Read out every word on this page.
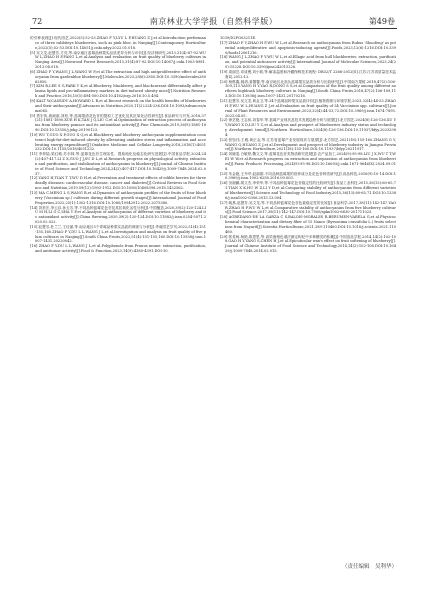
72	南京林业大学学报（自然科学版）	第49卷

的引种表现[J].现代园艺,2022(5):52-53.ZHAO F Y,LYU L F,HUANG Z J,et al.Introduction performance of three rabbiteye blueberries, such as pink blue, in Nanjing[J].Contemporary Horticulture,2022(5):52-53.DOI:10.14051/j.cnki.xdyy.2022.01.018.

[5] 吴文龙,赵慧芳,方亮,等.南京地区蓝莓品种果实品质差异分析与评价[J].经济林研究,2013,31(4):87-92.WU W L,ZHAO H F,FANG L,et al.Analysis and evaluation on fruit quality of blueberry cultivars in Nanjing Area[J].Nonwood Forest Research,2013,31(4):87-92.DOI:10.14067/j.cnki.1003-8981.2013.04.018.

[6] ZHAO F Y,WANG J L,WANG W F,et al.The extraction and high antiproliferative effect of anthocyanin from gardenblue blueberry[J].Molecules,2023,28(6):2850.DOI:10.3390/molecules28062850.

[7] KIM B,LEE S G,PARK Y K,et al.Blueberry, blackberry, and blackcurrant differentially affect plasma lipids and pro-inflammatory markers in diet-induced obesity mice[J].Nutrition Research and Practice,2016,10(5):494-500.DOI:10.4162/nrp.2016.10.5.494.

[8] KALT W,CASSIDY A,HOWARD L R,et al.Recent research on the health benefits of blueberries and their anthocyanins[J].Advances in Nutrition,2020,11(2):224-236.DOI:10.1093/advances/nmz065.

[9] 蔡宏伟,唐淑丽,刘松,等.蓝莓果渣花色苷的提取工艺优化及其抗氧化活性研究[J].食品研究与开发,2016,37(21):1881-1890.XUE H K,TAN J Q,LIU C,et al.Optimization of extraction process of anthocyanins from blueberry pomace and its antioxidant activity[J].Fine Chemicals,2019,36(9):1881-1890.DOI:10.13550/j.jxhg.20190123.

[10] WU T,GUO X F,GUO X Q,et al.Blackberry and blueberry anthocyanin supplementation counteract high-fat-diet-induced obesity by alleviating oxidative stress and inflammation and accelerating energy expenditure[J].Oxidative Medicine and Cellular Longevity,2018,2018(1):4051232.DOI:10.1155/2018/4051232.

[11] 李梓陆,梁红敏,苏东林,等.蓝莓花色苷生理活性、提取纯化及稳态化研究进展[J].中国食品学报,2024,24(2):407-417.LI Z X,GUO J J,SU D L,et al.Research progress on physiological activity, extraction and purification, and stabilization of anthocyanins in blueberry[J].Journal of Chinese Institute of Food Science and Technology,2024,24(2):407-417.DOI:10.16429/j.1009-7848.2024.02.037.

[12] YANG H,TIAN T T,WU D H,et al.Prevention and treatment effects of edible berries for three deadly diseases: cardiovascular disease, cancer and diabetes[J].Critical Reviews in Food Science and Nutrition,2019,59(12):1903-1912.DOI:10.1080/10408398.2018.1432562.

[13] MA C,MENG L S,WANG B,et al.Dynamics of anthocyanin profiles of the fruits of four blueberry (Vaccinium sp.) cultivars during different growth stages[J].International Journal of Food Properties,2022,25(1):1302-1316.DOI:10.1080/10942912.2022.2075380.

[14] 刘美宏,李云存,孙玉芳,等.不同品种蓝莓花色苷及其抗氧化活性分析[J].中国酿造,2020,39(2):120-124.LIU M H,LI G C,SHA Y F,et al.Analysis of anthocyanins of different varieties of blueberry and its antioxidant activity[J].China Brewing,2020,39(2):120-124.DOI:10.11882/j.issn.0254-5071.2020.02.022.

[15] 赵慧芳,杜兰兰,王佳丽,等.南京地区5个青莓品种果实品质的调查与分析[J].华南园艺学刊,2022,51(4):151-155,160.ZHAO F Y,DU L L,WANG J L,et al.Investigation and analysis on fruit quality of five plum cultivars in Nanjing[J].South China Fruits,2022,51(4):151-155,160.DOI:10.13938/j.issn.1007-1431.20220042.

[16] ZHAO F Y,DU L L,WANG J L,et al.Polyphenols from Prunus mume: extraction, purification, and antitumor activity[J].Food & Function,2023,14(9):4380-4391.DOI:10.

1039/D2FO03211E.

[17] ZHAO F Y,ZHAO H F,WU W L,et al.Research on anthocyanins from Rubus 'Shuofeng' as potential antiproliferative and apoptosis-inducing agents[J].Foods,2023,12(6):1216.DOI:10.3390/foods12061216.

[18] WANG J L,ZHAO F Y,WU W L,et al.Ellagic acid from hull blackberries: extraction, purification, and potential anticancer activity[J].International Journal of Molecular Sciences,2023,24(20):15228.DOI:10.3390/ijms242015228.

[19] 周丽芸,邓成俊,刘小莉,等.解冻温度和冷藏保鲜技术规程: DB32/T 2266-2012[S].江苏:江苏省质量技术监督局,2012:12.

[20] 杨维鑫,姚玥,姜馨馨,等.南京地区北高丛蓝莓果实品质分析与比较研究[J].中国南方果树,2018,47(2):106-109,113.YANG H Y,YAO R,DONG S S,et al.Comparison of the fruit quality among different northern highbush blueberry cultivars in Nanjing[J].South China Fruits,2018,47(2):106-109,113.DOI:10.13938/j.issn.1007-1431.20170216.

[21] 赵慧芳,吴文龙,黄金卫,等.34个蓝莓品种果实品质评价[J].植物资源与环境学报,2023,32(4):44-53.ZHAO H F,WU W L,HUANG Z J,et al.Evaluation on fruit quality of 34 Vaccinium spp. cultivars[J].Journal of Plant Resources and Environment,2023,32(4):44-53,72.DOI:10.3969/j.issn.1674-7895.2023.04.05.

[22] 徐艺艳,王志伟,刘春华,等.蓝莓产业现状及技术发展趋势分析与展望[J].北方园艺,2024(8):126-136.XU Y Y,WANG X D,LIU Y C,et al.Analysis and prospect of blueberries industry status and technology development trend[J].Northern Horticulture,2024(8):126-136.DOI:10.11937/bfyy.20232984.

[23] 张钰伟,王雅,黄正金,等.江苏省蓝莓产业发展现状与展望[J].北方园艺,2021(18):155-160.ZHANG G Y,WANG Q,HUANG Z J,et al.Development and prospect of blueberry industry in Jiangsu Province[J].Northern Horticulture,2021(18):155-160.DOI:10.11937/bfyy.20211917.

[24] 刘晓雯,白敏婷,魏文文,等.蓝莓花色苷类物质研究进展[J].农产品加工,2024(9):95-98.LIU J X,WU T T,WEI W W,et al.Research progress on extraction and separation of anthocyanins from blueberries[J].Farm Products Processing,2024(9):95-98.DOI:10.16693/j.cnki.1671-9646(X).2024.09.018.

[25] 朱金艳,王丹华,赵淑娟.不同品种蓝莓果的营养成分及花色苷种类研究[J].食品科技,2016(9):10-14.DOI:10.3969/j.issn.1002-6258.2016.09.003.

[26] 田谢鹏,胡文杰,李荣华,等.不同品种蓝莓花色苷稳定性的比较研究[J].食品工业科技,2015,36(13):60-65,71.TIAN X K,HU W Z,LI Y D,et al.Comparing stability of anthocyanins from different varieties of blueberries[J].Science and Technology of Food Industry,2015,36(13):60-65,71.DOI:10.13386/j.issn1002-0306.2015.13.004.

[27] 姚燕,赵慧芳,吴文龙,等.不同品种蓝莓花色苷色素稳定性的比较[J].食品科学,2017,38(11):142-147.YAO R,ZHAO H F,WU W L,et al.Comparative stability of anthocyanins from five blueberry cultivars[J].Food Science,2017,38(11):142-147.DOI:10.7506/spkx1002-6630-201711023.

[28] AGREDANO-DE LA GARZA C S,BALOIS-MORALES R,BERUMEN-VARELA G,et al.Physicochemical characterization and dietary fiber of 15 Nance (Byrsonima crassifolia L.) fruits selections from Nayarit[J].Scientia Horticulturae,2021,289:110460.DOI:10.1016/j.scienta.2021.110460.

[29] 郭希杨,杨艳,陈思思,等.高效液相色谱法测定枸杞中多种糖类的积累[J].中国食品学报,2014,14(2):102-108.GAO H Y,YANG S,CHEN H J,et al.Epicuticular wax's effect on fruit softening of blueberry[J].Journal of Chinese Institute of Food Science and Technology,2014,14(2):102-108.DOI:10.16429/j.1009-7848.2014.02.015.

（责任编辑　吴利华）
